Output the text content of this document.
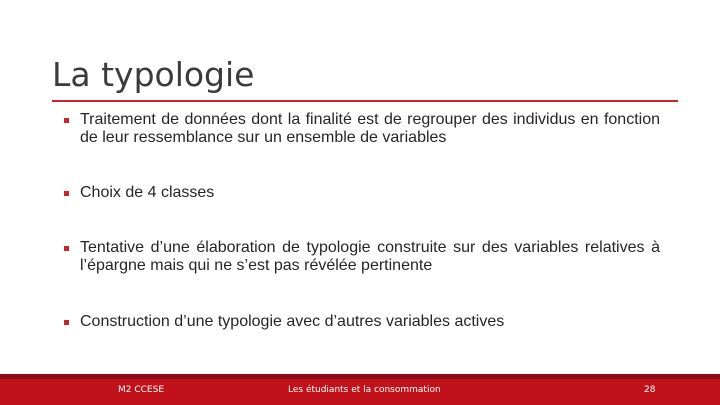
La typologie
Traitement de données dont la finalité est de regrouper des individus en fonction de leur ressemblance sur un ensemble de variables
Choix de 4 classes
Tentative d’une élaboration de typologie construite sur des variables relatives à l’épargne mais qui ne s’est pas révélée pertinente
Construction d’une typologie avec d’autres variables actives
M2 CCESE	Les étudiants et la consommation	28
